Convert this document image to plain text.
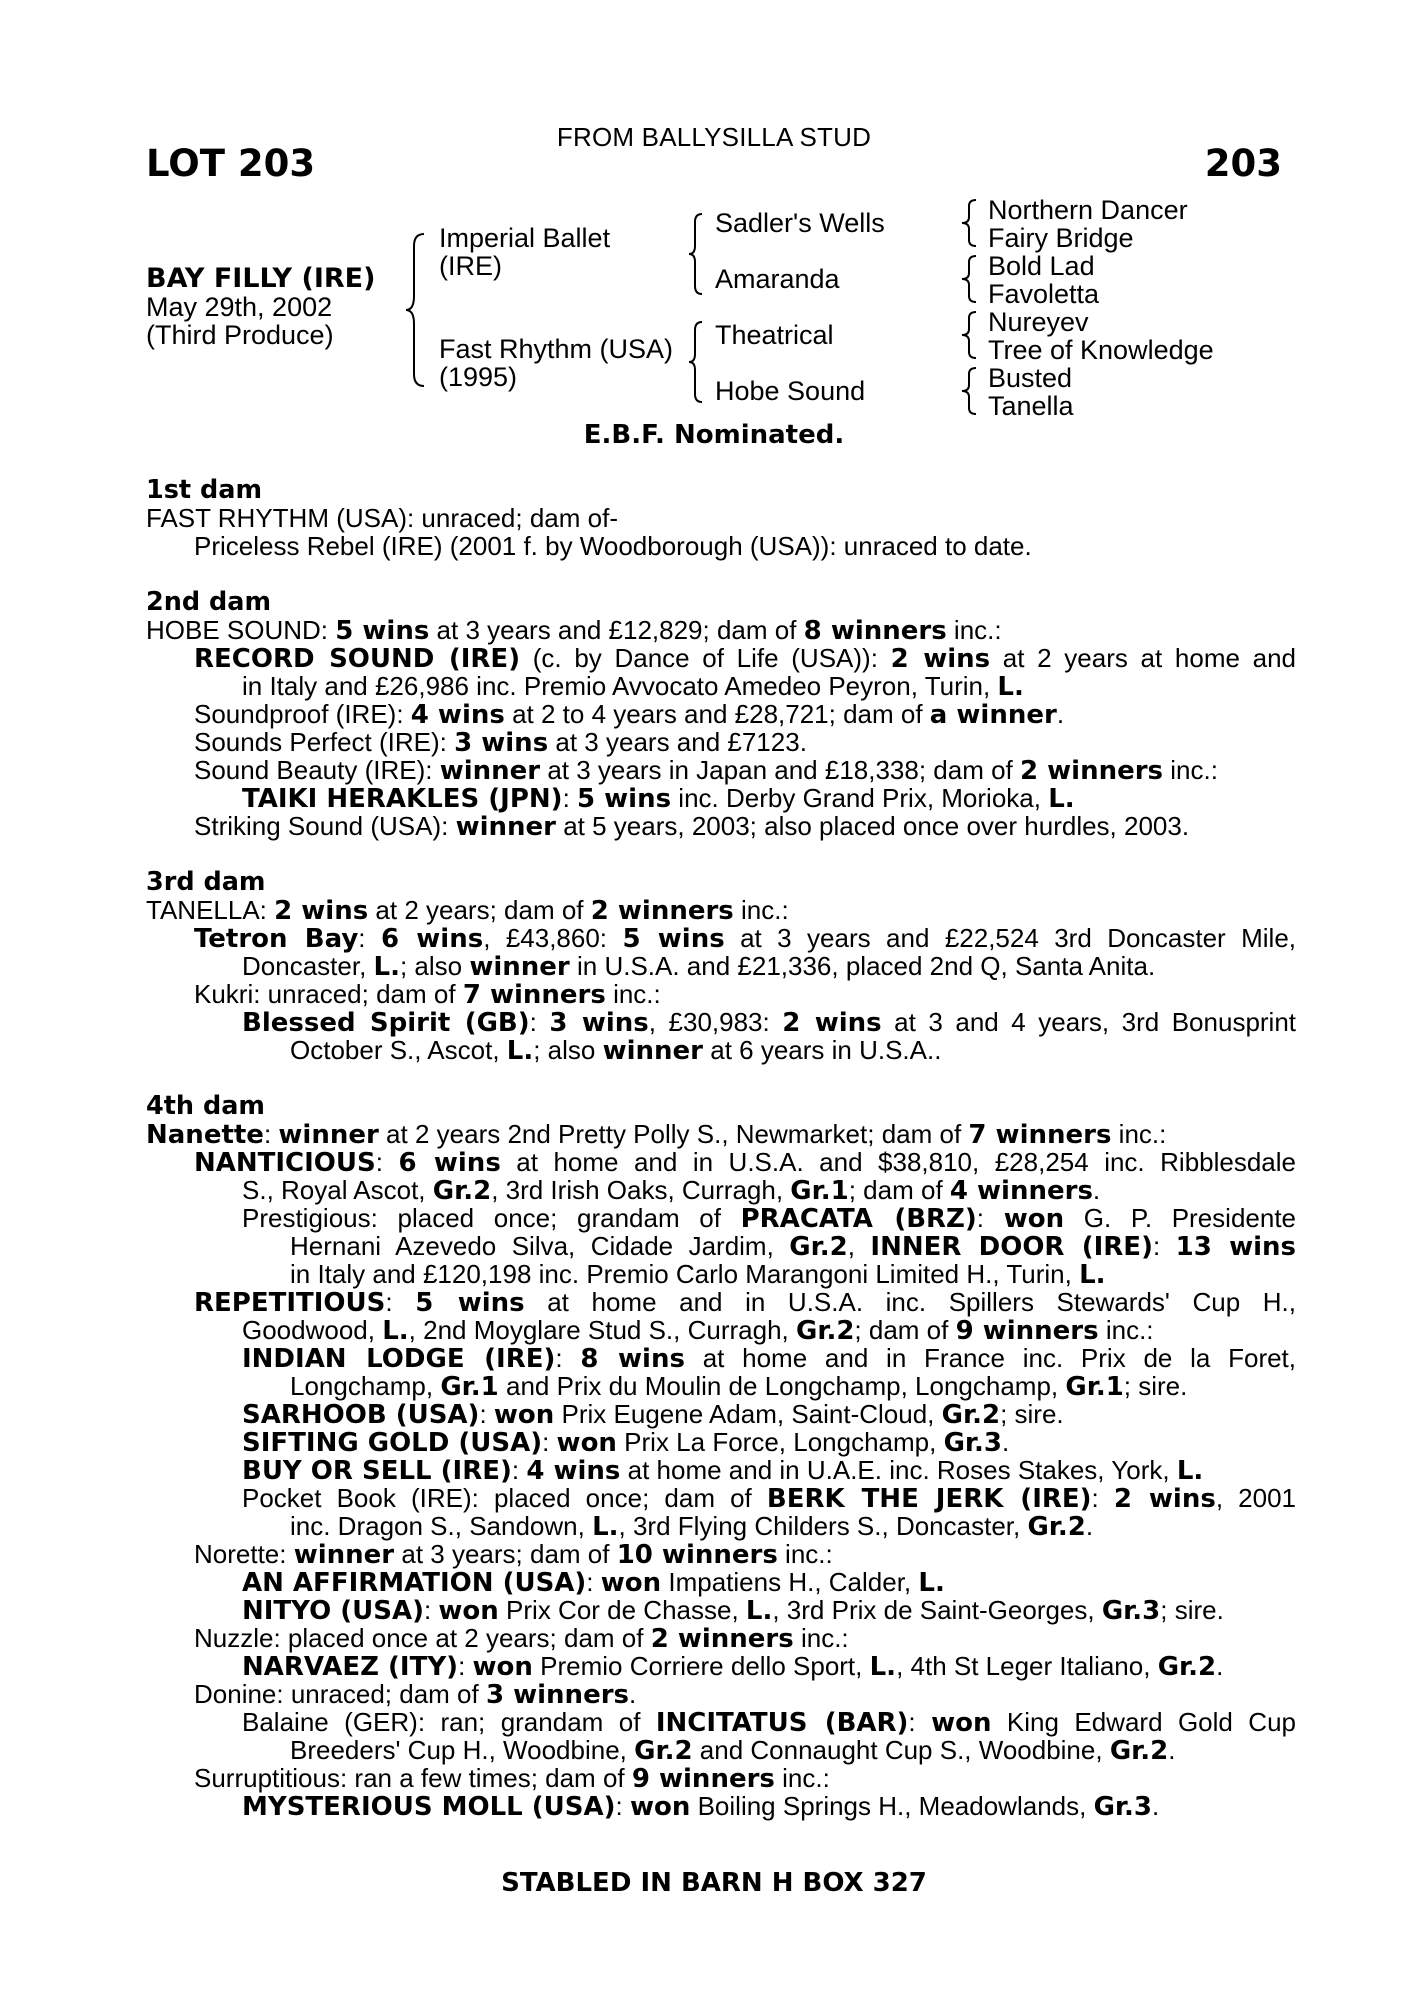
FROM BALLYSILLA STUD
LOT 203	203
BAY FILLY (IRE)
May 29th, 2002
(Third Produce)
Imperial Ballet
(IRE)
Fast Rhythm (USA)
(1995)
Sadler's Wells
Amaranda
Theatrical
Hobe Sound
Northern Dancer
Fairy Bridge
Bold Lad
Favoletta
Nureyev
Tree of Knowledge
Busted
Tanella
E.B.F. Nominated.
1st dam
FAST RHYTHM (USA): unraced; dam of-
Priceless Rebel (IRE) (2001 f. by Woodborough (USA)): unraced to date.
2nd dam
HOBE SOUND: 5 wins at 3 years and £12,829; dam of 8 winners inc.:
RECORD SOUND (IRE) (c. by Dance of Life (USA)): 2 wins at 2 years at home and
in Italy and £26,986 inc. Premio Avvocato Amedeo Peyron, Turin, L.
Soundproof (IRE): 4 wins at 2 to 4 years and £28,721; dam of a winner.
Sounds Perfect (IRE): 3 wins at 3 years and £7123.
Sound Beauty (IRE): winner at 3 years in Japan and £18,338; dam of 2 winners inc.:
TAIKI HERAKLES (JPN): 5 wins inc. Derby Grand Prix, Morioka, L.
Striking Sound (USA): winner at 5 years, 2003; also placed once over hurdles, 2003.
3rd dam
TANELLA: 2 wins at 2 years; dam of 2 winners inc.:
Tetron Bay: 6 wins, £43,860: 5 wins at 3 years and £22,524 3rd Doncaster Mile,
Doncaster, L.; also winner in U.S.A. and £21,336, placed 2nd Q, Santa Anita.
Kukri: unraced; dam of 7 winners inc.:
Blessed Spirit (GB): 3 wins, £30,983: 2 wins at 3 and 4 years, 3rd Bonusprint
October S., Ascot, L.; also winner at 6 years in U.S.A..
4th dam
Nanette: winner at 2 years 2nd Pretty Polly S., Newmarket; dam of 7 winners inc.:
NANTICIOUS: 6 wins at home and in U.S.A. and $38,810, £28,254 inc. Ribblesdale
S., Royal Ascot, Gr.2, 3rd Irish Oaks, Curragh, Gr.1; dam of 4 winners.
Prestigious: placed once; grandam of PRACATA (BRZ): won G. P. Presidente
Hernani Azevedo Silva, Cidade Jardim, Gr.2, INNER DOOR (IRE): 13 wins
in Italy and £120,198 inc. Premio Carlo Marangoni Limited H., Turin, L.
REPETITIOUS: 5 wins at home and in U.S.A. inc. Spillers Stewards' Cup H.,
Goodwood, L., 2nd Moyglare Stud S., Curragh, Gr.2; dam of 9 winners inc.:
INDIAN LODGE (IRE): 8 wins at home and in France inc. Prix de la Foret,
Longchamp, Gr.1 and Prix du Moulin de Longchamp, Longchamp, Gr.1; sire.
SARHOOB (USA): won Prix Eugene Adam, Saint-Cloud, Gr.2; sire.
SIFTING GOLD (USA): won Prix La Force, Longchamp, Gr.3.
BUY OR SELL (IRE): 4 wins at home and in U.A.E. inc. Roses Stakes, York, L.
Pocket Book (IRE): placed once; dam of BERK THE JERK (IRE): 2 wins, 2001
inc. Dragon S., Sandown, L., 3rd Flying Childers S., Doncaster, Gr.2.
Norette: winner at 3 years; dam of 10 winners inc.:
AN AFFIRMATION (USA): won Impatiens H., Calder, L.
NITYO (USA): won Prix Cor de Chasse, L., 3rd Prix de Saint-Georges, Gr.3; sire.
Nuzzle: placed once at 2 years; dam of 2 winners inc.:
NARVAEZ (ITY): won Premio Corriere dello Sport, L., 4th St Leger Italiano, Gr.2.
Donine: unraced; dam of 3 winners.
Balaine (GER): ran; grandam of INCITATUS (BAR): won King Edward Gold Cup
Breeders' Cup H., Woodbine, Gr.2 and Connaught Cup S., Woodbine, Gr.2.
Surruptitious: ran a few times; dam of 9 winners inc.:
MYSTERIOUS MOLL (USA): won Boiling Springs H., Meadowlands, Gr.3.
STABLED IN BARN H BOX 327
